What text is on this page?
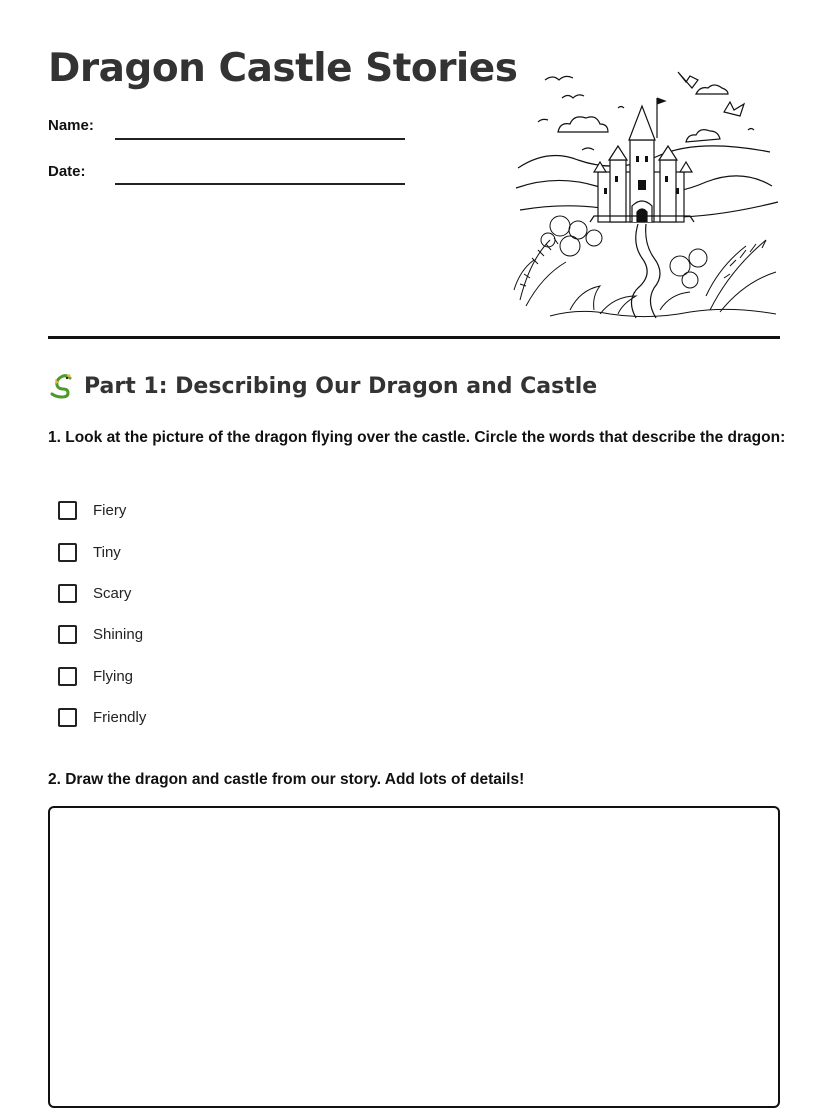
Dragon Castle Stories
Name:
Date:
Part 1: Describing Our Dragon and Castle
1. Look at the picture of the dragon flying over the castle. Circle the words that describe the dragon:
Fiery
Tiny
Scary
Shining
Flying
Friendly
2. Draw the dragon and castle from our story. Add lots of details!
